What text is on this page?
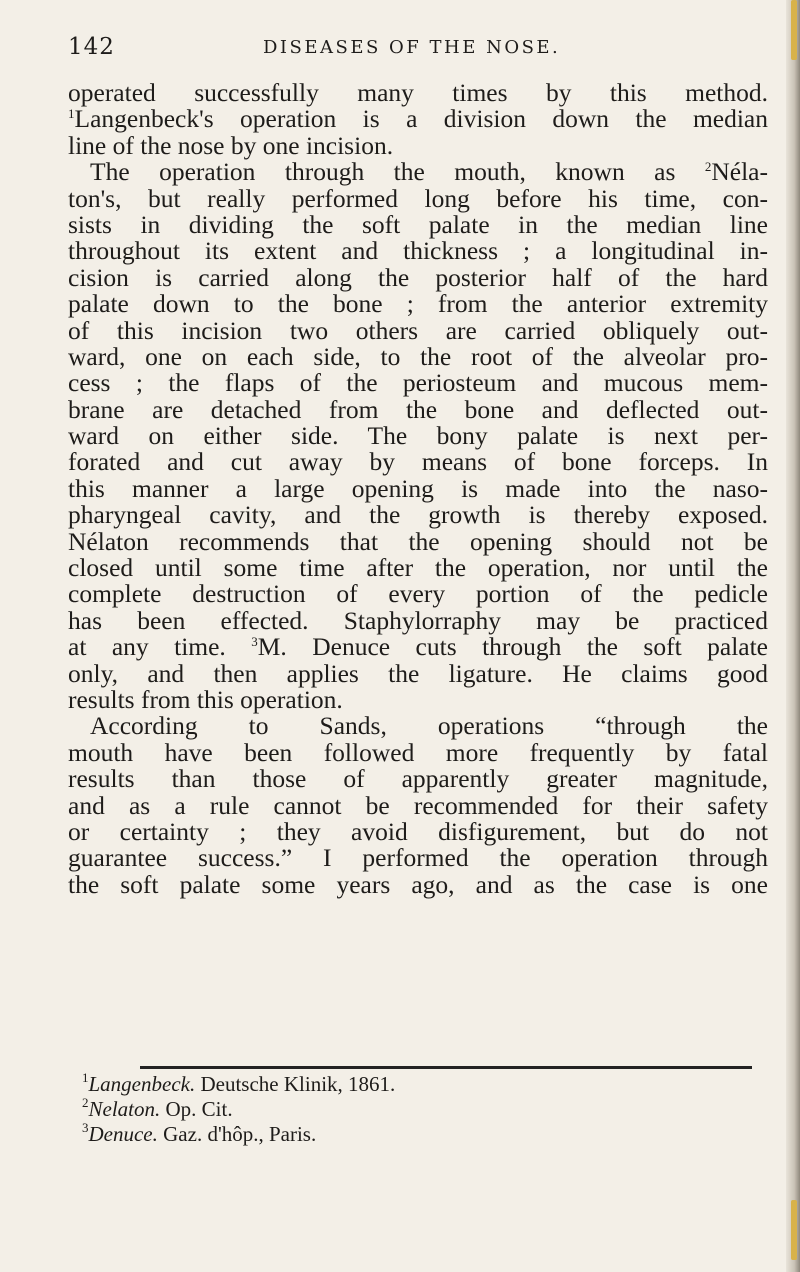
142	DISEASES OF THE NOSE.
operated successfully many times by this method.
$^1$Langenbeck's operation is a division down the median
line of the nose by one incision.
The operation through the mouth, known as $^2$Néla-
ton's, but really performed long before his time, con-
sists in dividing the soft palate in the median line
throughout its extent and thickness ; a longitudinal in-
cision is carried along the posterior half of the hard
palate down to the bone ; from the anterior extremity
of this incision two others are carried obliquely out-
ward, one on each side, to the root of the alveolar pro-
cess ; the flaps of the periosteum and mucous mem-
brane are detached from the bone and deflected out-
ward on either side. The bony palate is next per-
forated and cut away by means of bone forceps. In
this manner a large opening is made into the naso-
pharyngeal cavity, and the growth is thereby exposed.
Nélaton recommends that the opening should not be
closed until some time after the operation, nor until the
complete destruction of every portion of the pedicle
has been effected. Staphylorraphy may be practiced
at any time. $^3$M. Denuce cuts through the soft palate
only, and then applies the ligature. He claims good
results from this operation.
According to Sands, operations “through the
mouth have been followed more frequently by fatal
results than those of apparently greater magnitude,
and as a rule cannot be recommended for their safety
or certainty ; they avoid disfigurement, but do not
guarantee success.” I performed the operation through
the soft palate some years ago, and as the case is one
$^1$Langenbeck. Deutsche Klinik, 1861.
$^2$Nelaton. Op. Cit.
$^3$Denuce. Gaz. d'hôp., Paris.
